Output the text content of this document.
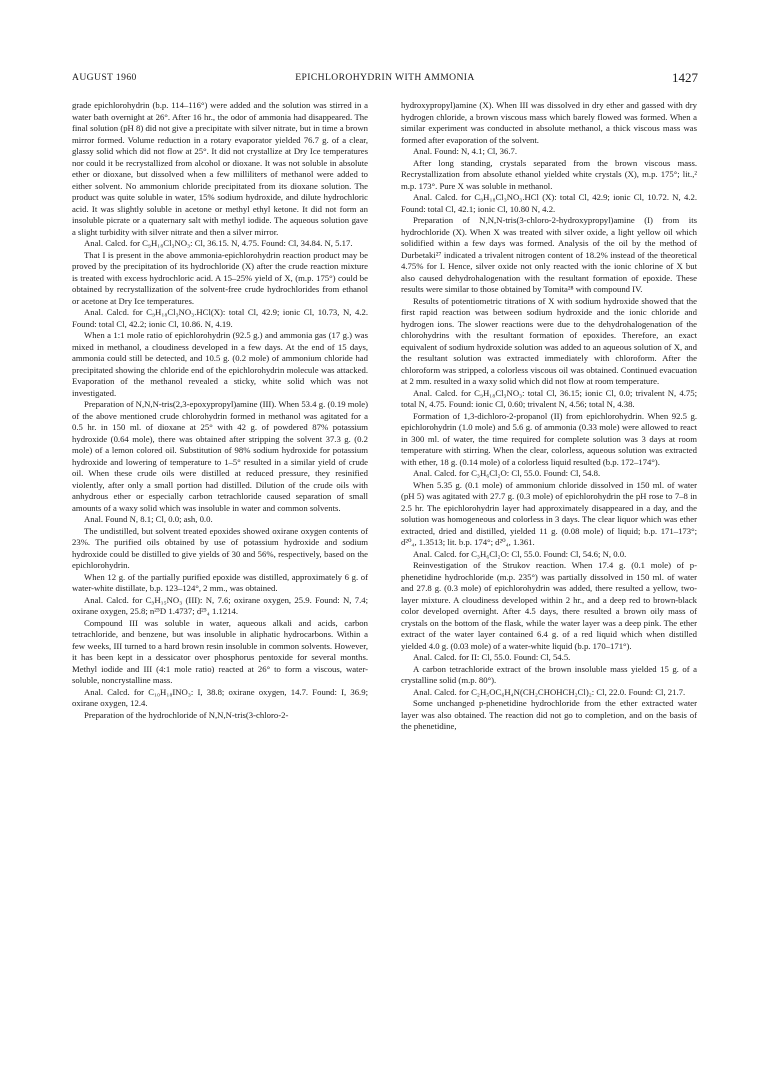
AUGUST 1960	EPICHLOROHYDRIN WITH AMMONIA	1427

grade epichlorohydrin (b.p. 114–116°) were added and the solution was stirred in a water bath overnight at 26°. After 16 hr., the odor of ammonia had disappeared. The final solution (pH 8) did not give a precipitate with silver nitrate, but in time a brown mirror formed. Volume reduction in a rotary evaporator yielded 76.7 g. of a clear, glassy solid which did not flow at 25°. It did not crystallize at Dry Ice temperatures nor could it be recrystallized from alcohol or dioxane. It was not soluble in absolute ether or dioxane, but dissolved when a few milliliters of methanol were added to either solvent. No ammonium chloride precipitated from its dioxane solution. The product was quite soluble in water, 15% sodium hydroxide, and dilute hydrochloric acid. It was slightly soluble in acetone or methyl ethyl ketone. It did not form an insoluble picrate or a quaternary salt with methyl iodide. The aqueous solution gave a slight turbidity with silver nitrate and then a silver mirror.

Anal. Calcd. for C₉H₁₈Cl₃NO₃: Cl, 36.15. N, 4.75. Found: Cl, 34.84. N, 5.17.

That I is present in the above ammonia-epichlorohydrin reaction product may be proved by the precipitation of its hydrochloride (X) after the crude reaction mixture is treated with excess hydrochloric acid. A 15–25% yield of X, (m.p. 175°) could be obtained by recrystallization of the solvent-free crude hydrochlorides from ethanol or acetone at Dry Ice temperatures.

Anal. Calcd. for C₉H₁₈Cl₃NO₃.HCl(X): total Cl, 42.9; ionic Cl, 10.73, N, 4.2. Found: total Cl, 42.2; ionic Cl, 10.86. N, 4.19.

When a 1:1 mole ratio of epichlorohydrin (92.5 g.) and ammonia gas (17 g.) was mixed in methanol, a cloudiness developed in a few days. At the end of 15 days, ammonia could still be detected, and 10.5 g. (0.2 mole) of ammonium chloride had precipitated showing the chloride end of the epichlorohydrin molecule was attacked. Evaporation of the methanol revealed a sticky, white solid which was not investigated.

Preparation of N,N,N-tris(2,3-epoxypropyl)amine (III). When 53.4 g. (0.19 mole) of the above mentioned crude chlorohydrin formed in methanol was agitated for a 0.5 hr. in 150 ml. of dioxane at 25° with 42 g. of powdered 87% potassium hydroxide (0.64 mole), there was obtained after stripping the solvent 37.3 g. (0.2 mole) of a lemon colored oil. Substitution of 98% sodium hydroxide for potassium hydroxide and lowering of temperature to 1–5° resulted in a similar yield of crude oil. When these crude oils were distilled at reduced pressure, they resinified violently, after only a small portion had distilled. Dilution of the crude oils with anhydrous ether or especially carbon tetrachloride caused separation of small amounts of a waxy solid which was insoluble in water and common solvents.

Anal. Found N, 8.1; Cl, 0.0; ash, 0.0.

The undistilled, but solvent treated epoxides showed oxirane oxygen contents of 23%. The purified oils obtained by use of potassium hydroxide and sodium hydroxide could be distilled to give yields of 30 and 56%, respectively, based on the epichlorohydrin.

When 12 g. of the partially purified epoxide was distilled, approximately 6 g. of water-white distillate, b.p. 123–124°, 2 mm., was obtained.

Anal. Calcd. for C₉H₁₅NO₃ (III): N, 7.6; oxirane oxygen, 25.9. Found: N, 7.4; oxirane oxygen, 25.8; n²⁵D 1.4737; d²⁵₄ 1.1214.

Compound III was soluble in water, aqueous alkali and acids, carbon tetrachloride, and benzene, but was insoluble in aliphatic hydrocarbons. Within a few weeks, III turned to a hard brown resin insoluble in common solvents. However, it has been kept in a dessicator over phosphorus pentoxide for several months. Methyl iodide and III (4:1 mole ratio) reacted at 26° to form a viscous, water-soluble, noncrystalline mass.

Anal. Calcd. for C₁₀H₁₈INO₃: I, 38.8; oxirane oxygen, 14.7. Found: I, 36.9; oxirane oxygen, 12.4.

Preparation of the hydrochloride of N,N,N-tris(3-chloro-2-

hydroxypropyl)amine (X). When III was dissolved in dry ether and gassed with dry hydrogen chloride, a brown viscous mass which barely flowed was formed. When a similar experiment was conducted in absolute methanol, a thick viscous mass was formed after evaporation of the solvent.

Anal. Found: N, 4.1; Cl, 36.7.

After long standing, crystals separated from the brown viscous mass. Recrystallization from absolute ethanol yielded white crystals (X), m.p. 175°; lit.,² m.p. 173°. Pure X was soluble in methanol.

Anal. Calcd. for C₉H₁₈Cl₃NO₃.HCl (X): total Cl, 42.9; ionic Cl, 10.72. N, 4.2. Found: total Cl, 42.1; ionic Cl, 10.80 N, 4.2.

Preparation of N,N,N-tris(3-chloro-2-hydroxypropyl)amine (I) from its hydrochloride (X). When X was treated with silver oxide, a light yellow oil which solidified within a few days was formed. Analysis of the oil by the method of Durbetaki²⁷ indicated a trivalent nitrogen content of 18.2% instead of the theoretical 4.75% for I. Hence, silver oxide not only reacted with the ionic chlorine of X but also caused dehydrohalogenation with the resultant formation of epoxide. These results were similar to those obtained by Tomita²⁸ with compound IV.

Results of potentiometric titrations of X with sodium hydroxide showed that the first rapid reaction was between sodium hydroxide and the ionic chloride and hydrogen ions. The slower reactions were due to the dehydrohalogenation of the chlorohydrins with the resultant formation of epoxides. Therefore, an exact equivalent of sodium hydroxide solution was added to an aqueous solution of X, and the resultant solution was extracted immediately with chloroform. After the chloroform was stripped, a colorless viscous oil was obtained. Continued evacuation at 2 mm. resulted in a waxy solid which did not flow at room temperature.

Anal. Calcd. for C₉H₁₈Cl₃NO₃: total Cl, 36.15; ionic Cl, 0.0; trivalent N, 4.75; total N, 4.75. Found: ionic Cl, 0.60; trivalent N, 4.56; total N, 4.38.

Formation of 1,3-dichloro-2-propanol (II) from epichlorohydrin. When 92.5 g. epichlorohydrin (1.0 mole) and 5.6 g. of ammonia (0.33 mole) were allowed to react in 300 ml. of water, the time required for complete solution was 3 days at room temperature with stirring. When the clear, colorless, aqueous solution was extracted with ether, 18 g. (0.14 mole) of a colorless liquid resulted (b.p. 172–174°).

Anal. Calcd. for C₃H₆Cl₂O: Cl, 55.0. Found: Cl, 54.8.

When 5.35 g. (0.1 mole) of ammonium chloride dissolved in 150 ml. of water (pH 5) was agitated with 27.7 g. (0.3 mole) of epichlorohydrin the pH rose to 7–8 in 2.5 hr. The epichlorohydrin layer had approximately disappeared in a day, and the solution was homogeneous and colorless in 3 days. The clear liquor which was ether extracted, dried and distilled, yielded 11 g. (0.08 mole) of liquid; b.p. 171–173°; d²⁰₄, 1.3513; lit. b.p. 174°; d²⁰₄, 1.361.

Anal. Calcd. for C₃H₆Cl₂O: Cl, 55.0. Found: Cl, 54.6; N, 0.0.

Reinvestigation of the Strukov reaction. When 17.4 g. (0.1 mole) of p-phenetidine hydrochloride (m.p. 235°) was partially dissolved in 150 ml. of water and 27.8 g. (0.3 mole) of epichlorohydrin was added, there resulted a yellow, two-layer mixture. A cloudiness developed within 2 hr., and a deep red to brown-black color developed overnight. After 4.5 days, there resulted a brown oily mass of crystals on the bottom of the flask, while the water layer was a deep pink. The ether extract of the water layer contained 6.4 g. of a red liquid which when distilled yielded 4.0 g. (0.03 mole) of a water-white liquid (b.p. 170–171°).

Anal. Calcd. for II: Cl, 55.0. Found: Cl, 54.5.

A carbon tetrachloride extract of the brown insoluble mass yielded 15 g. of a crystalline solid (m.p. 80°).

Anal. Calcd. for C₂H₅OC₆H₄N(CH₂CHOHCH₂Cl)₂: Cl, 22.0. Found: Cl, 21.7.

Some unchanged p-phenetidine hydrochloride from the ether extracted water layer was also obtained. The reaction did not go to completion, and on the basis of the phenetidine,
